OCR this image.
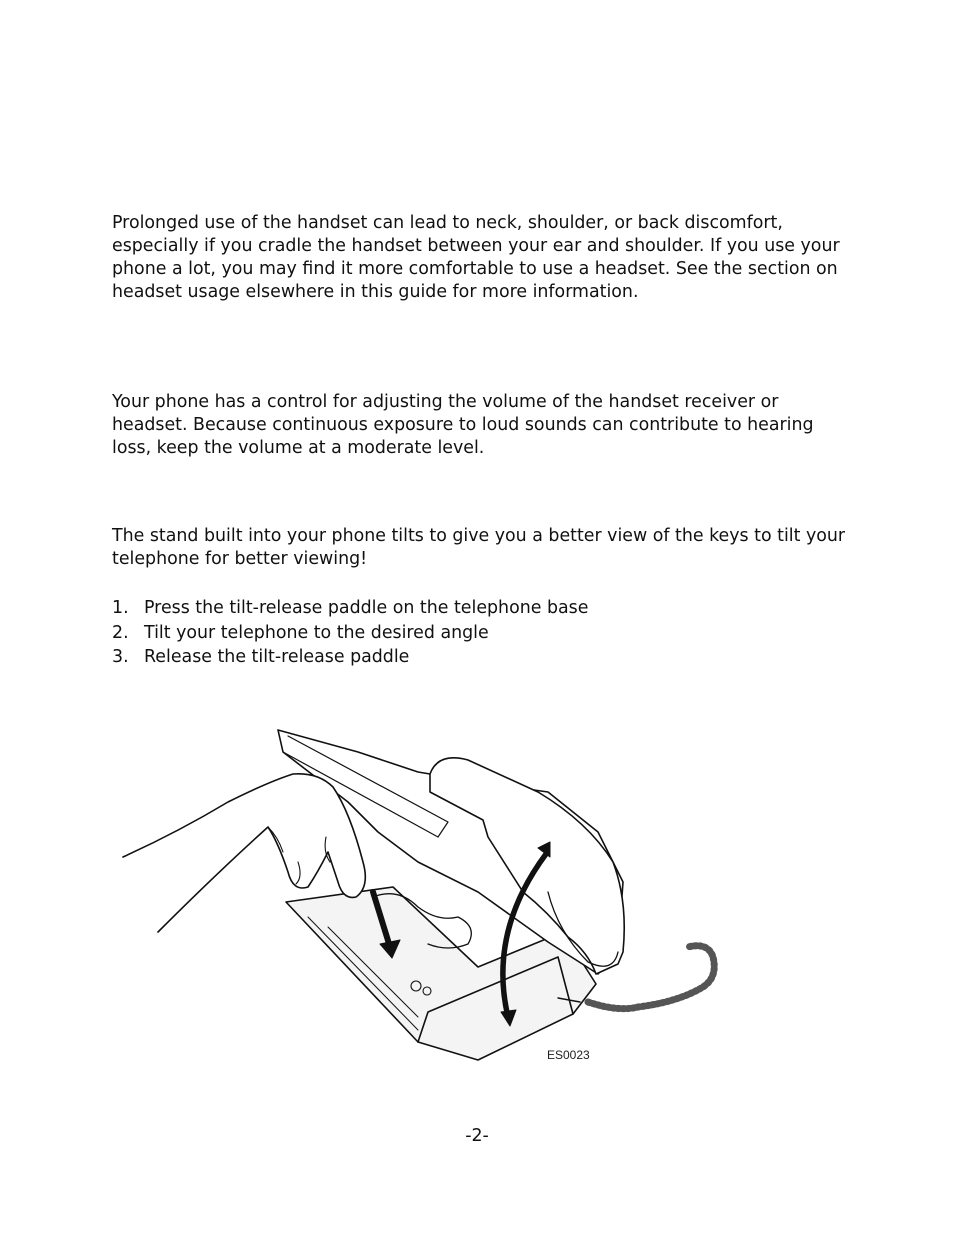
Prolonged use of the handset can lead to neck, shoulder, or back discomfort, especially if you cradle the handset between your ear and shoulder. If you use your phone a lot, you may find it more comfortable to use a headset. See the section on headset usage elsewhere in this guide for more information.

Your phone has a control for adjusting the volume of the handset receiver or headset. Because continuous exposure to loud sounds can contribute to hearing loss, keep the volume at a moderate level.

The stand built into your phone tilts to give you a better view of the keys to tilt your telephone for better viewing!

1. Press the tilt-release paddle on the telephone base
2. Tilt your telephone to the desired angle
3. Release the tilt-release paddle
ES0023
-2-
